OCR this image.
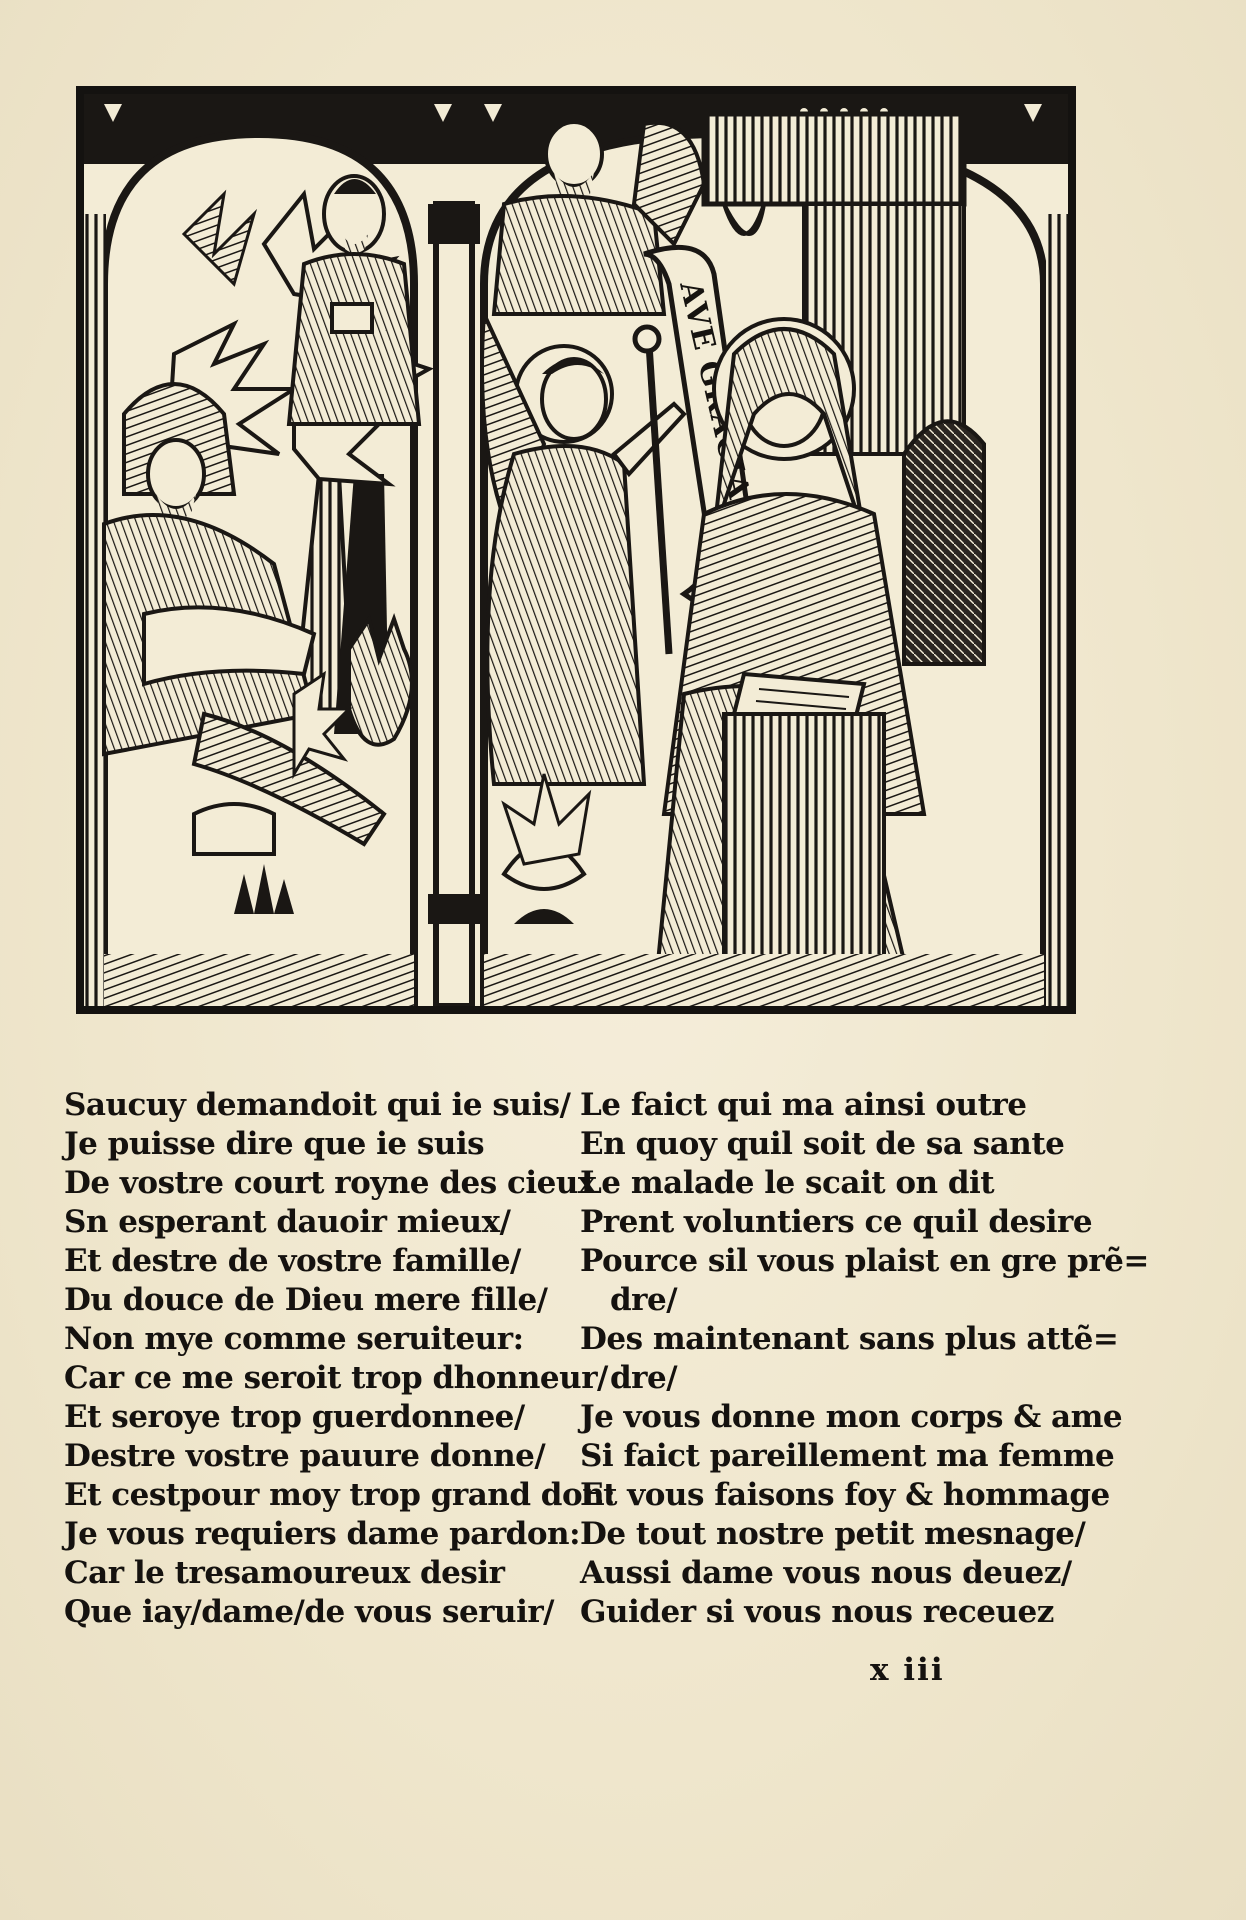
Saucuy demandoit qui ie suis/
Je puisse dire que ie suis
De vostre court royne des cieux
Sn esperant dauoir mieux/
Et destre de vostre famille/
Du douce de Dieu mere fille/
Non mye comme seruiteur:
Car ce me seroit trop dhonneur/
Et seroye trop guerdonnee/
Destre vostre pauure donne/
Et cestpour moy trop grand don:
Je vous requiers dame pardon:
Car le tresamoureux desir
Que iay/dame/de vous seruir/
Le faict qui ma ainsi outre
En quoy quil soit de sa sante
Le malade le scait on dit
Prent voluntiers ce quil desire
Pource sil vous plaist en gre prẽ=
dre/
Des maintenant sans plus attẽ=
dre/
Je vous donne mon corps & ame
Si faict pareillement ma femme
Et vous faisons foy & hommage
De tout nostre petit mesnage/
Aussi dame vous nous deuez/
Guider si vous nous receuez
x iii
